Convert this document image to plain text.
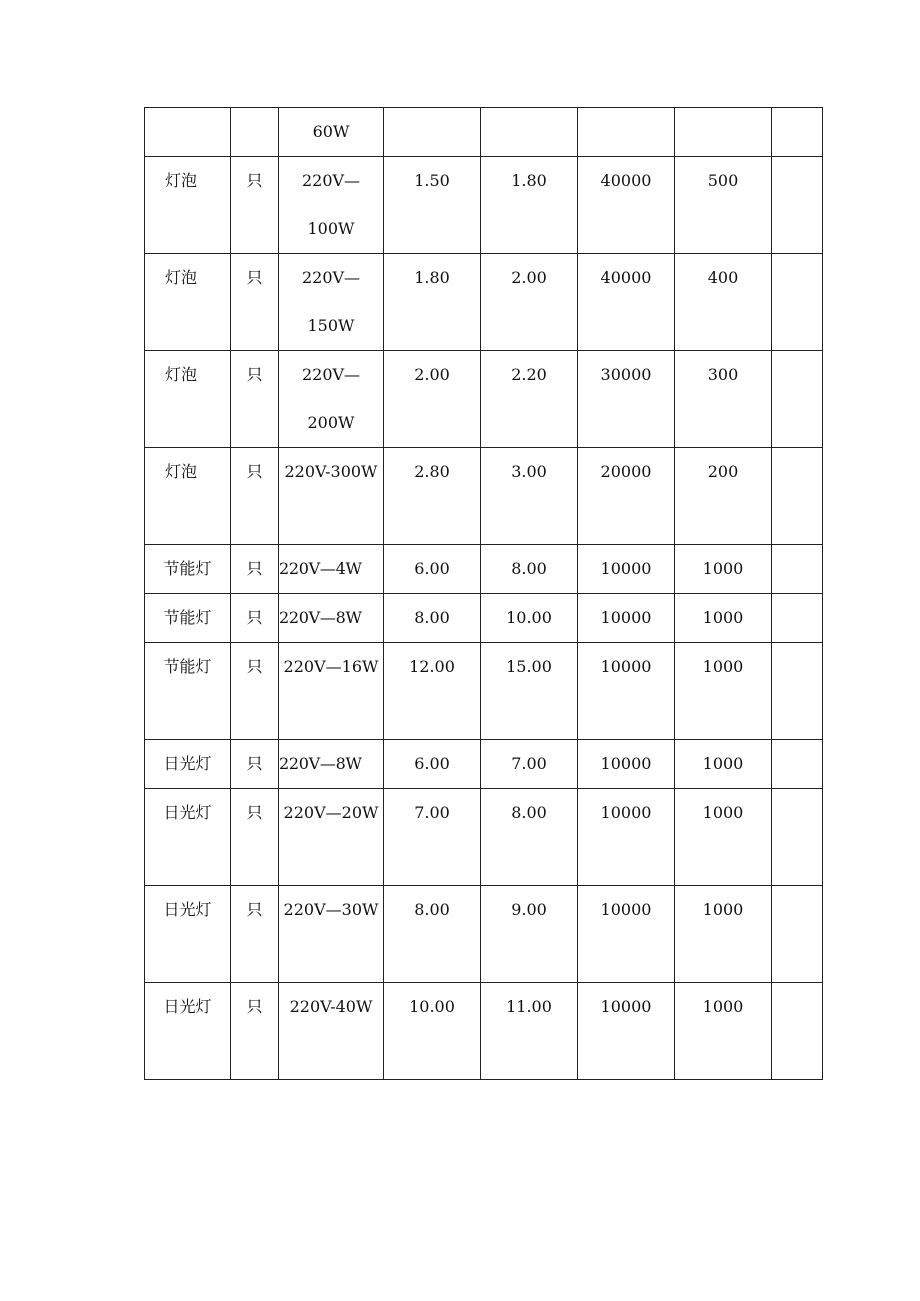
		60W					
灯泡	只	220V—100W	1.50	1.80	40000	500	
灯泡	只	220V—150W	1.80	2.00	40000	400	
灯泡	只	220V—200W	2.00	2.20	30000	300	
灯泡	只	220V-300W	2.80	3.00	20000	200	
节能灯	只	220V—4W	6.00	8.00	10000	1000	
节能灯	只	220V—8W	8.00	10.00	10000	1000	
节能灯	只	220V—16W	12.00	15.00	10000	1000	
日光灯	只	220V—8W	6.00	7.00	10000	1000	
日光灯	只	220V—20W	7.00	8.00	10000	1000	
日光灯	只	220V—30W	8.00	9.00	10000	1000	
日光灯	只	220V-40W	10.00	11.00	10000	1000	
